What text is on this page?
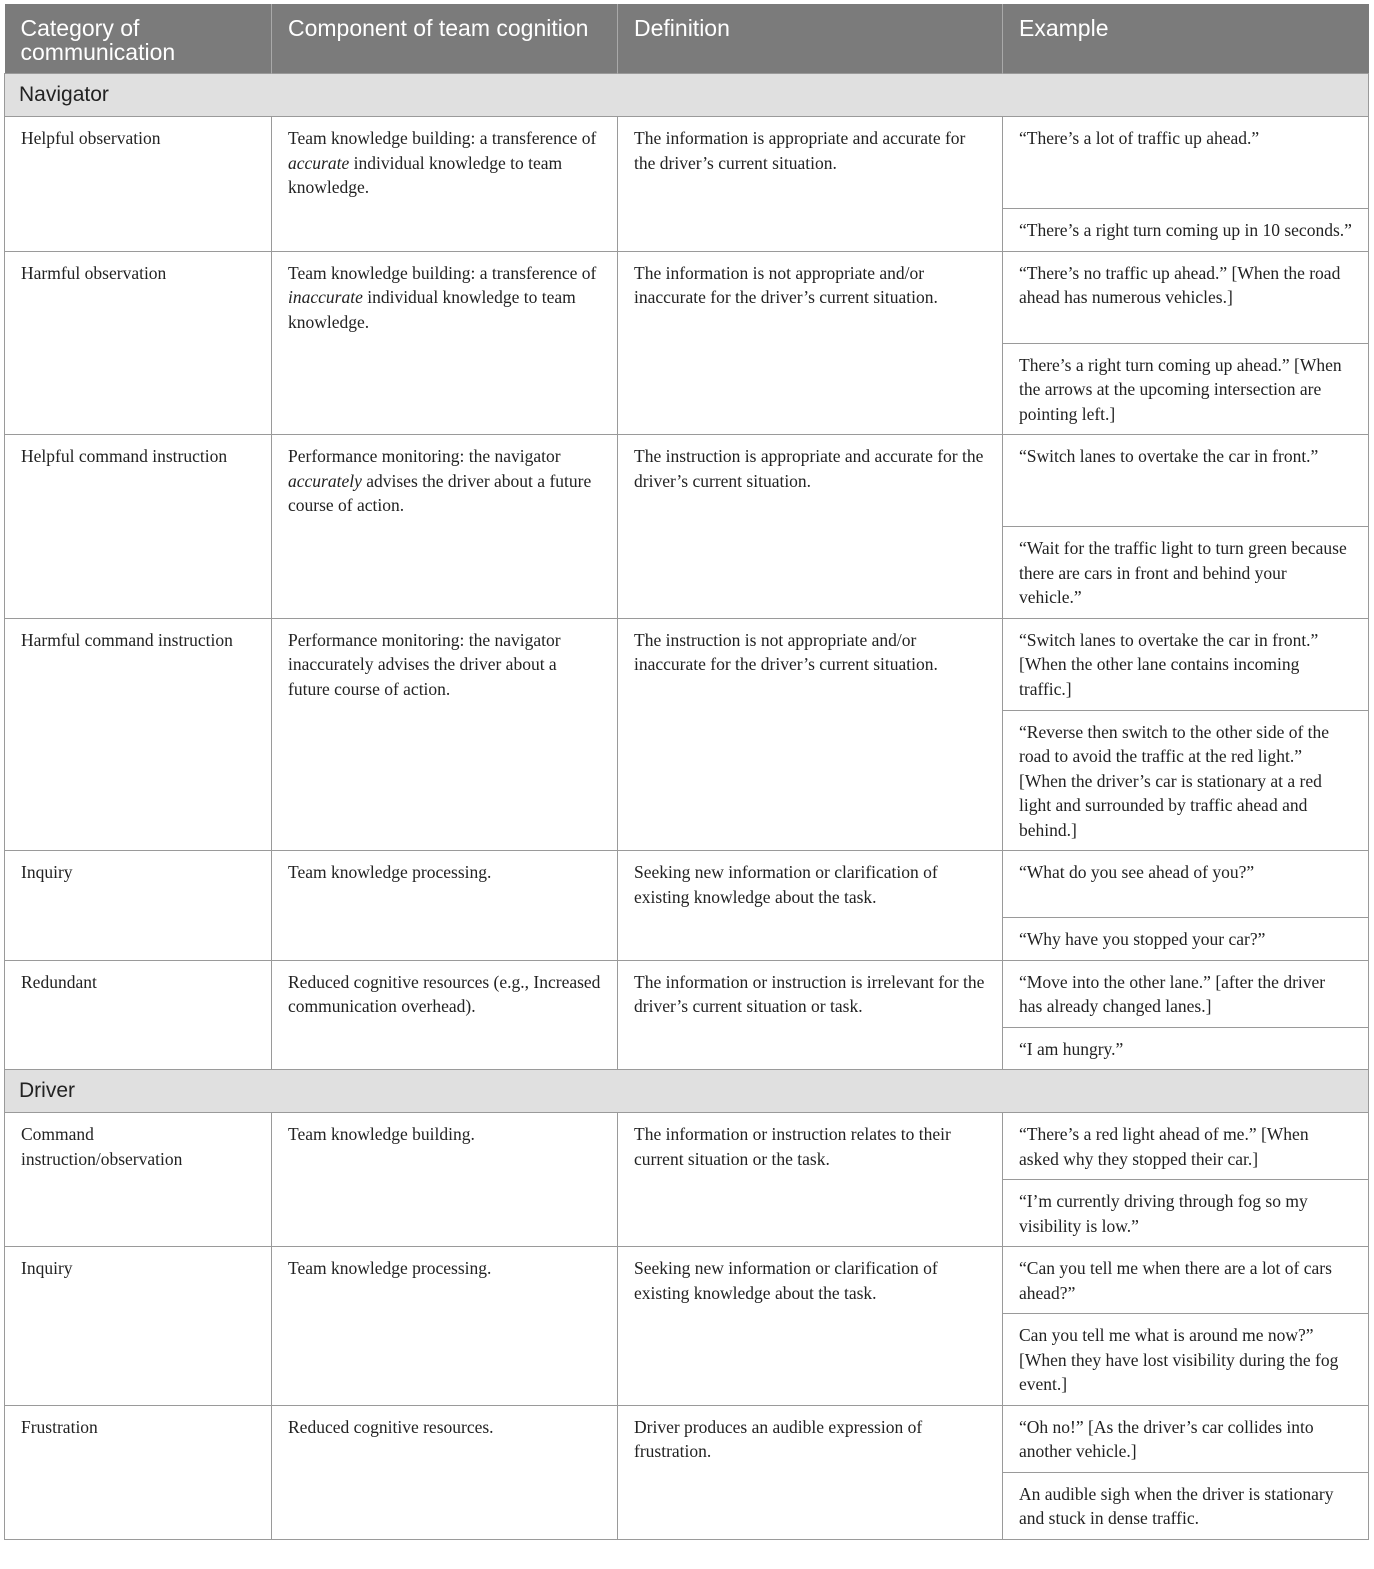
Category of communication	Component of team cognition	Definition	Example
Navigator			
Helpful observation	Team knowledge building: a transference of accurate individual knowledge to team knowledge.	The information is appropriate and accurate for the driver’s current situation.	“There’s a lot of traffic up ahead.”
			“There’s a right turn coming up in 10 seconds.”
Harmful observation	Team knowledge building: a transference of inaccurate individual knowledge to team knowledge.	The information is not appropriate and/or inaccurate for the driver’s current situation.	“There’s no traffic up ahead.” [When the road ahead has numerous vehicles.]
			There’s a right turn coming up ahead.” [When the arrows at the upcoming intersection are pointing left.]
Helpful command instruction	Performance monitoring: the navigator accurately advises the driver about a future course of action.	The instruction is appropriate and accurate for the driver’s current situation.	“Switch lanes to overtake the car in front.”
			“Wait for the traffic light to turn green because there are cars in front and behind your vehicle.”
Harmful command instruction	Performance monitoring: the navigator inaccurately advises the driver about a future course of action.	The instruction is not appropriate and/or inaccurate for the driver’s current situation.	“Switch lanes to overtake the car in front.” [When the other lane contains incoming traffic.]
			“Reverse then switch to the other side of the road to avoid the traffic at the red light.” [When the driver’s car is stationary at a red light and surrounded by traffic ahead and behind.]
Inquiry	Team knowledge processing.	Seeking new information or clarification of existing knowledge about the task.	“What do you see ahead of you?”
			“Why have you stopped your car?”
Redundant	Reduced cognitive resources (e.g., Increased communication overhead).	The information or instruction is irrelevant for the driver’s current situation or task.	“Move into the other lane.” [after the driver has already changed lanes.]
			“I am hungry.”
Driver			
Command instruction/observation	Team knowledge building.	The information or instruction relates to their current situation or the task.	“There’s a red light ahead of me.” [When asked why they stopped their car.]
			“I’m currently driving through fog so my visibility is low.”
Inquiry	Team knowledge processing.	Seeking new information or clarification of existing knowledge about the task.	“Can you tell me when there are a lot of cars ahead?”
			Can you tell me what is around me now?” [When they have lost visibility during the fog event.]
Frustration	Reduced cognitive resources.	Driver produces an audible expression of frustration.	“Oh no!” [As the driver’s car collides into another vehicle.]
			An audible sigh when the driver is stationary and stuck in dense traffic.
